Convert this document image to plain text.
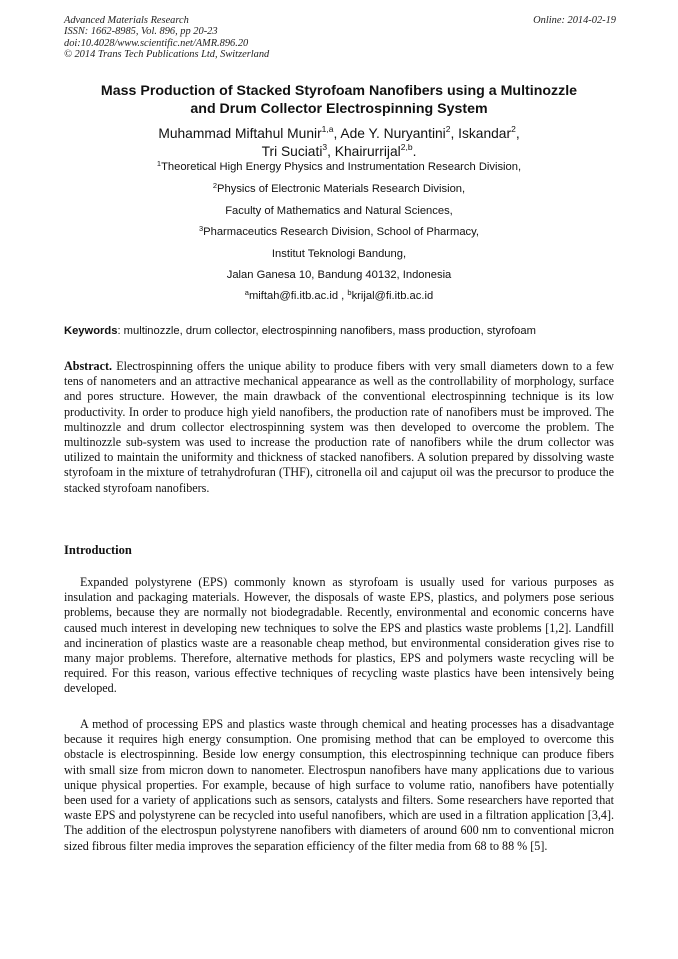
Advanced Materials Research
ISSN: 1662-8985, Vol. 896, pp 20-23
doi:10.4028/www.scientific.net/AMR.896.20
© 2014 Trans Tech Publications Ltd, Switzerland
Online: 2014-02-19
Mass Production of Stacked Styrofoam Nanofibers using a Multinozzle
and Drum Collector Electrospinning System
Muhammad Miftahul Munir$^{1,a}$, Ade Y. Nuryantini$^2$, Iskandar$^2$,
Tri Suciati$^3$, Khairurrijal$^{2,b}$.
$^1$Theoretical High Energy Physics and Instrumentation Research Division,
$^2$Physics of Electronic Materials Research Division,
Faculty of Mathematics and Natural Sciences,
$^3$Pharmaceutics Research Division, School of Pharmacy,
Institut Teknologi Bandung,
Jalan Ganesa 10, Bandung 40132, Indonesia
$^a$miftah@fi.itb.ac.id , $^b$krijal@fi.itb.ac.id
Keywords: multinozzle, drum collector, electrospinning nanofibers, mass production, styrofoam
Abstract. Electrospinning offers the unique ability to produce fibers with very small diameters down to a few tens of nanometers and an attractive mechanical appearance as well as the controllability of morphology, surface and pores structure. However, the main drawback of the conventional electrospinning technique is its low productivity. In order to produce high yield nanofibers, the production rate of nanofibers must be improved. The multinozzle and drum collector electrospinning system was then developed to overcome the problem. The multinozzle sub-system was used to increase the production rate of nanofibers while the drum collector was utilized to maintain the uniformity and thickness of stacked nanofibers. A solution prepared by dissolving waste styrofoam in the mixture of tetrahydrofuran (THF), citronella oil and cajuput oil was the precursor to produce the stacked styrofoam nanofibers.
Introduction
Expanded polystyrene (EPS) commonly known as styrofoam is usually used for various purposes as insulation and packaging materials. However, the disposals of waste EPS, plastics, and polymers pose serious problems, because they are normally not biodegradable. Recently, environmental and economic concerns have caused much interest in developing new techniques to solve the EPS and plastics waste problems [1,2]. Landfill and incineration of plastics waste are a reasonable cheap method, but environmental consideration gives rise to many major problems. Therefore, alternative methods for plastics, EPS and polymers waste recycling will be required. For this reason, various effective techniques of recycling waste plastics have been intensively being developed.
A method of processing EPS and plastics waste through chemical and heating processes has a disadvantage because it requires high energy consumption. One promising method that can be employed to overcome this obstacle is electrospinning. Beside low energy consumption, this electrospinning technique can produce fibers with small size from micron down to nanometer. Electrospun nanofibers have many applications due to various unique physical properties. For example, because of high surface to volume ratio, nanofibers have potentially been used for a variety of applications such as sensors, catalysts and filters. Some researchers have reported that waste EPS and polystyrene can be recycled into useful nanofibers, which are used in a filtration application [3,4]. The addition of the electrospun polystyrene nanofibers with diameters of around 600 nm to conventional micron sized fibrous filter media improves the separation efficiency of the filter media from 68 to 88 % [5].
